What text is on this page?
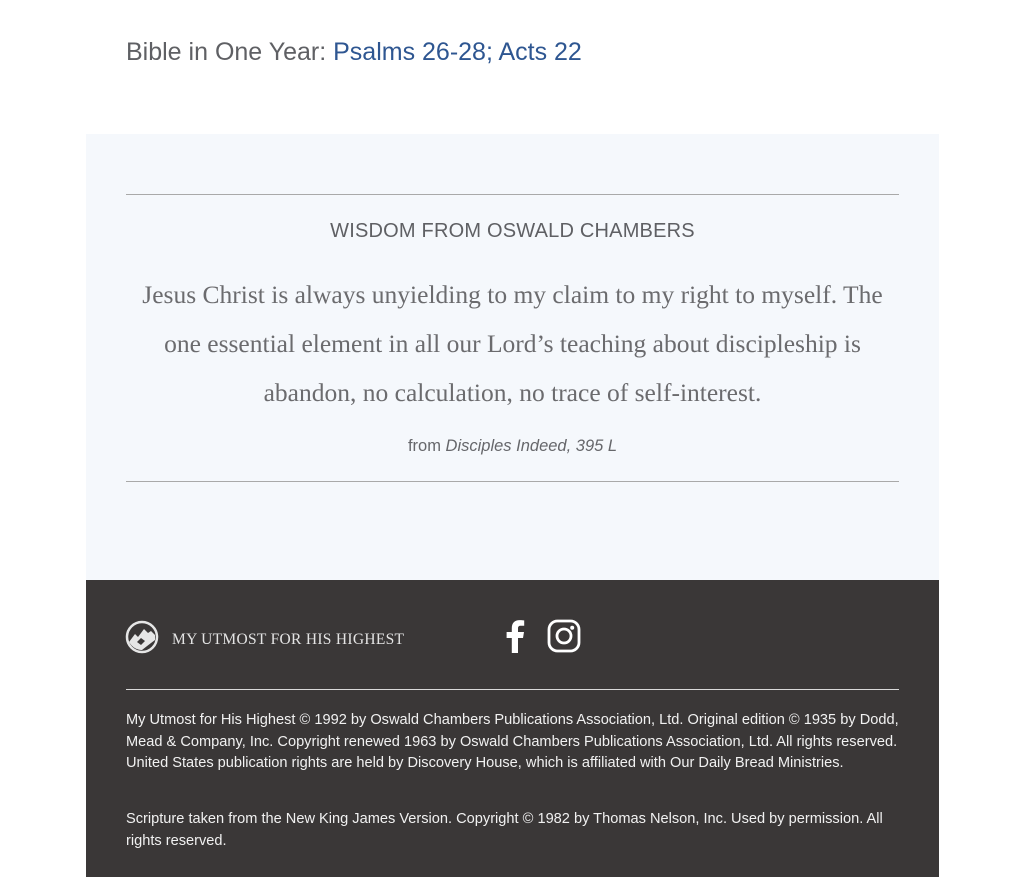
Bible in One Year: Psalms 26-28; Acts 22
WISDOM FROM OSWALD CHAMBERS
Jesus Christ is always unyielding to my claim to my right to myself. The one essential element in all our Lord’s teaching about discipleship is abandon, no calculation, no trace of self-interest.
from Disciples Indeed, 395 L
MY UTMOST FOR HIS HIGHEST
My Utmost for His Highest © 1992 by Oswald Chambers Publications Association, Ltd. Original edition © 1935 by Dodd, Mead & Company, Inc. Copyright renewed 1963 by Oswald Chambers Publications Association, Ltd. All rights reserved. United States publication rights are held by Discovery House, which is affiliated with Our Daily Bread Ministries.
Scripture taken from the New King James Version. Copyright © 1982 by Thomas Nelson, Inc. Used by permission. All rights reserved.
